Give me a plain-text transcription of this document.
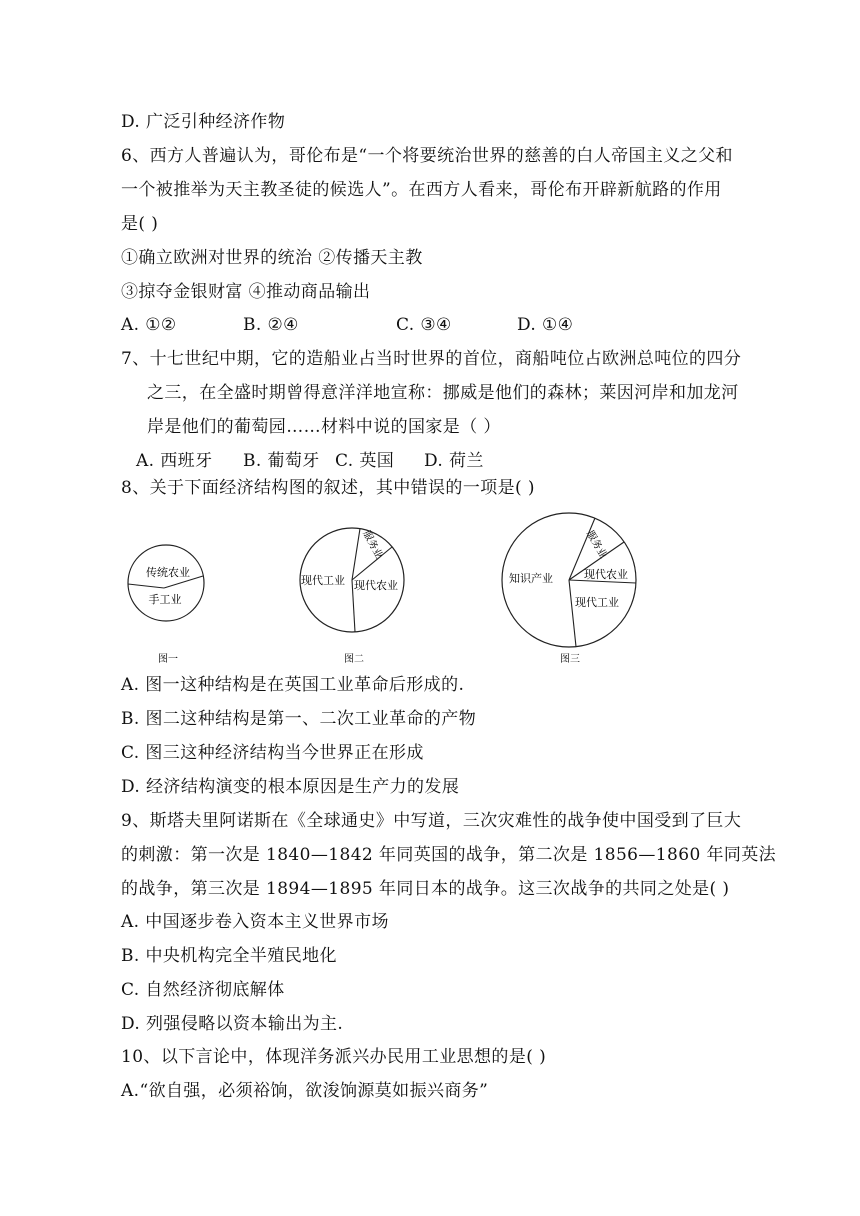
D. 广泛引种经济作物
6、西方人普遍认为，哥伦布是“一个将要统治世界的慈善的白人帝国主义之父和
一个被推举为天主教圣徒的候选人”。在西方人看来，哥伦布开辟新航路的作用
是( )
①确立欧洲对世界的统治 ②传播天主教
③掠夺金银财富 ④推动商品输出
A. ①②	B. ②④	C. ③④	D. ①④
7、十七世纪中期，它的造船业占当时世界的首位，商船吨位占欧洲总吨位的四分
之三，在全盛时期曾得意洋洋地宣称：挪威是他们的森林；莱因河岸和加龙河
岸是他们的葡萄园……材料中说的国家是（ ）
A. 西班牙 B. 葡萄牙 C. 英国 D. 荷兰
8、关于下面经济结构图的叙述，其中错误的一项是( )
传统农业
手工业
图一
现代工业
服务业
现代农业
图二
知识产业
服务业
现代农业
现代工业
图三
A. 图一这种结构是在英国工业革命后形成的.
B. 图二这种结构是第一、二次工业革命的产物
C. 图三这种经济结构当今世界正在形成
D. 经济结构演变的根本原因是生产力的发展
9、斯塔夫里阿诺斯在《全球通史》中写道，三次灾难性的战争使中国受到了巨大
的刺激：第一次是 1840—1842 年同英国的战争，第二次是 1856—1860 年同英法
的战争，第三次是 1894—1895 年同日本的战争。这三次战争的共同之处是( )
A. 中国逐步卷入资本主义世界市场
B. 中央机构完全半殖民地化
C. 自然经济彻底解体
D. 列强侵略以资本输出为主.
10、以下言论中，体现洋务派兴办民用工业思想的是( )
A.“欲自强，必须裕饷，欲浚饷源莫如振兴商务”
